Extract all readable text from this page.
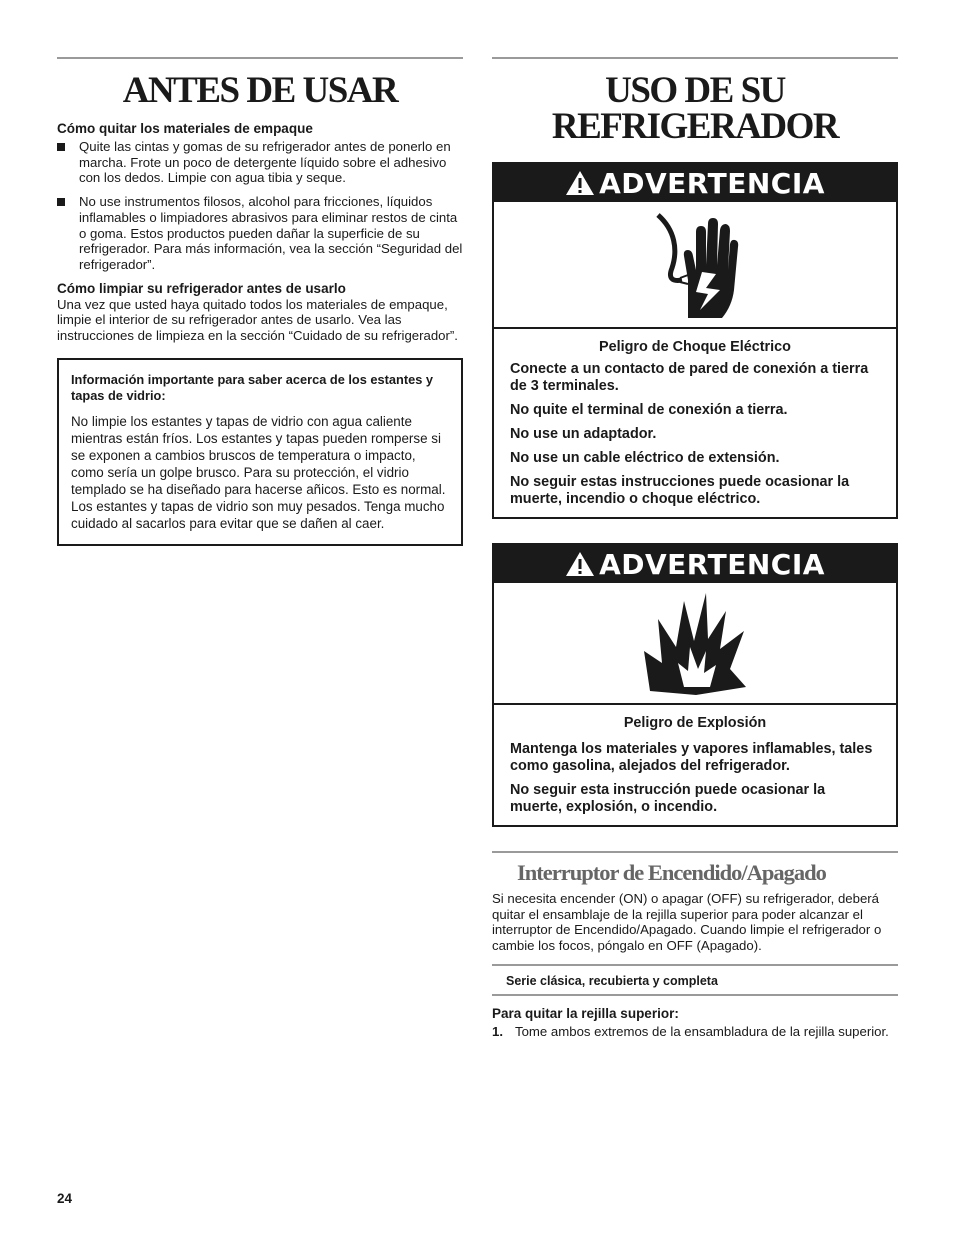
ANTES DE USAR

Cómo quitar los materiales de empaque

Quite las cintas y gomas de su refrigerador antes de ponerlo en marcha. Frote un poco de detergente líquido sobre el adhesivo con los dedos. Limpie con agua tibia y seque.
No use instrumentos filosos, alcohol para fricciones, líquidos inflamables o limpiadores abrasivos para eliminar restos de cinta o goma. Estos productos pueden dañar la superficie de su refrigerador. Para más información, vea la sección “Seguridad del refrigerador”.

Cómo limpiar su refrigerador antes de usarlo

Una vez que usted haya quitado todos los materiales de empaque, limpie el interior de su refrigerador antes de usarlo. Vea las instrucciones de limpieza en la sección “Cuidado de su refrigerador”.

Información importante para saber acerca de los estantes y tapas de vidrio:

No limpie los estantes y tapas de vidrio con agua caliente mientras están fríos. Los estantes y tapas pueden romperse si se exponen a cambios bruscos de temperatura o impacto, como sería un golpe brusco. Para su protección, el vidrio templado se ha diseñado para hacerse añicos. Esto es normal. Los estantes y tapas de vidrio son muy pesados. Tenga mucho cuidado al sacarlos para evitar que se dañen al caer.

USO DE SU
REFRIGERADOR
ADVERTENCIA
Peligro de Choque Eléctrico
Conecte a un contacto de pared de conexión a tierra de 3 terminales.
No quite el terminal de conexión a tierra.
No use un adaptador.
No use un cable eléctrico de extensión.
No seguir estas instrucciones puede ocasionar la muerte, incendio o choque eléctrico.
ADVERTENCIA
Peligro de Explosión
Mantenga los materiales y vapores inflamables, tales como gasolina, alejados del refrigerador.
No seguir esta instrucción puede ocasionar la muerte, explosión, o incendio.
Interruptor de Encendido/Apagado

Si necesita encender (ON) o apagar (OFF) su refrigerador, deberá quitar el ensamblaje de la rejilla superior para poder alcanzar el interruptor de Encendido/Apagado. Cuando limpie el refrigerador o cambie los focos, póngalo en OFF (Apagado).

Serie clásica, recubierta y completa

Para quitar la rejilla superior:

1. Tome ambos extremos de la ensambladura de la rejilla superior.
24
